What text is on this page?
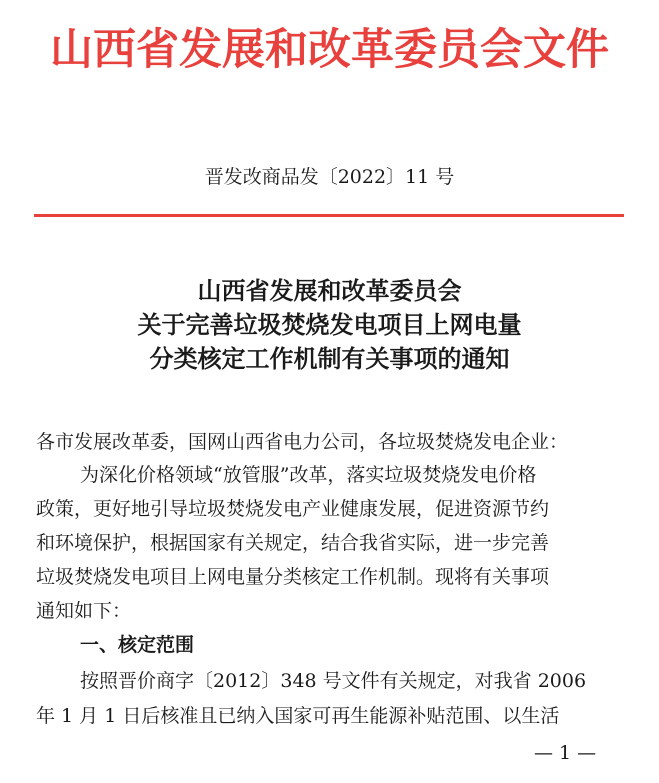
山西省发展和改革委员会文件
晋发改商品发〔2022〕11 号
山西省发展和改革委员会
关于完善垃圾焚烧发电项目上网电量
分类核定工作机制有关事项的通知
各市发展改革委，国网山西省电力公司，各垃圾焚烧发电企业：
为深化价格领域“放管服”改革，落实垃圾焚烧发电价格
政策，更好地引导垃圾焚烧发电产业健康发展，促进资源节约
和环境保护，根据国家有关规定，结合我省实际，进一步完善
垃圾焚烧发电项目上网电量分类核定工作机制。现将有关事项
通知如下：
一、核定范围
按照晋价商字〔2012〕348 号文件有关规定，对我省 2006
年 1 月 1 日后核准且已纳入国家可再生能源补贴范围、以生活
— 1 —
